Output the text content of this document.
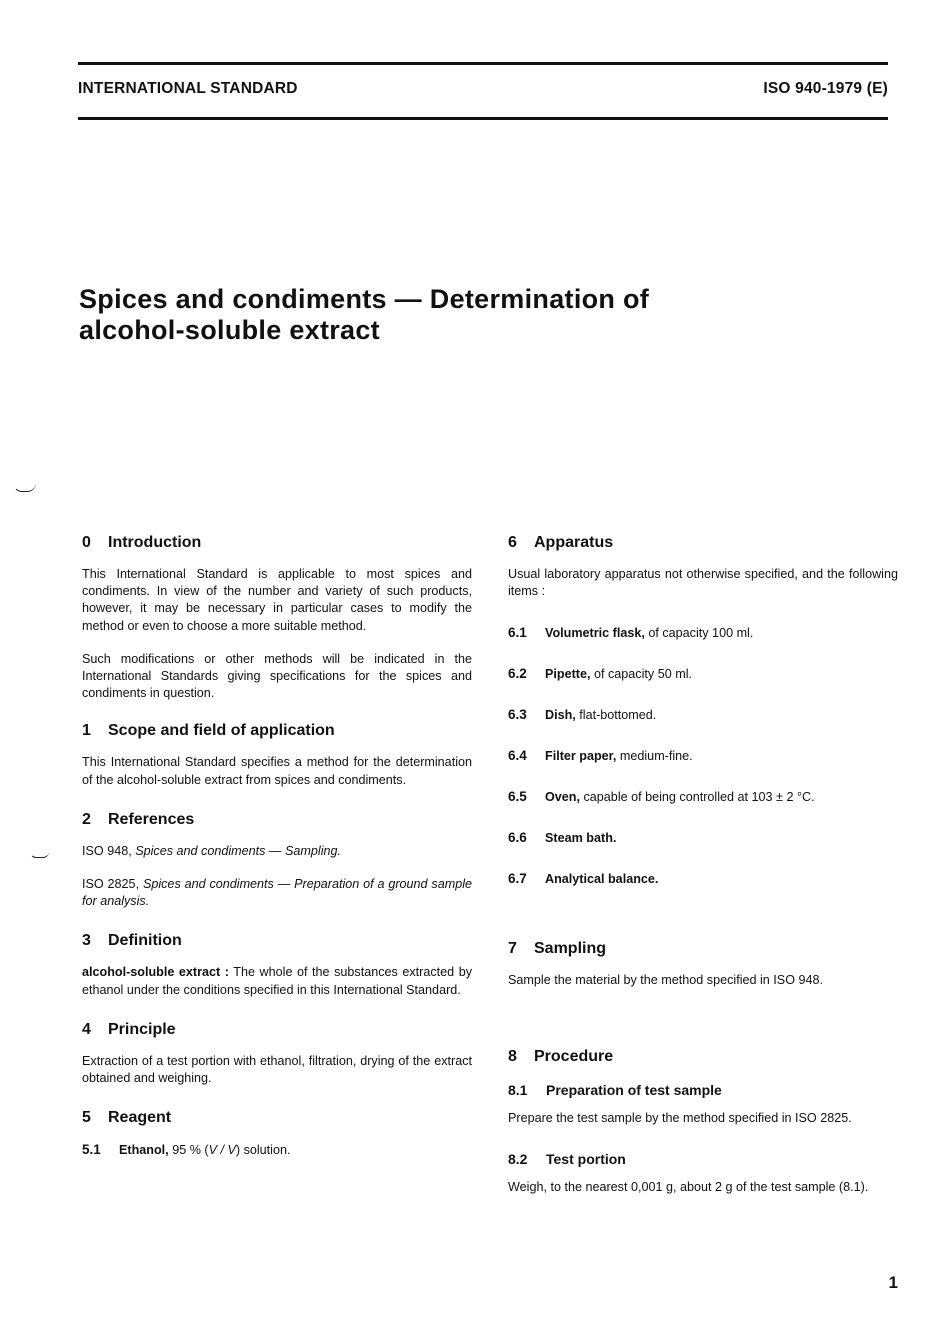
INTERNATIONAL STANDARD	ISO 940-1979 (E)
Spices and condiments — Determination of
alcohol-soluble extract
0 Introduction

This International Standard is applicable to most spices and condiments. In view of the number and variety of such products, however, it may be necessary in particular cases to modify the method or even to choose a more suitable method.

Such modifications or other methods will be indicated in the International Standards giving specifications for the spices and condiments in question.

1 Scope and field of application

This International Standard specifies a method for the determination of the alcohol-soluble extract from spices and condiments.

2 References

ISO 948, Spices and condiments — Sampling.

ISO 2825, Spices and condiments — Preparation of a ground sample for analysis.

3 Definition

alcohol-soluble extract : The whole of the substances extracted by ethanol under the conditions specified in this International Standard.

4 Principle

Extraction of a test portion with ethanol, filtration, drying of the extract obtained and weighing.

5 Reagent
5.1 Ethanol, 95 % (V / V) solution.
6 Apparatus

Usual laboratory apparatus not otherwise specified, and the following items :

6.1 Volumetric flask, of capacity 100 ml.
6.2 Pipette, of capacity 50 ml.
6.3 Dish, flat-bottomed.
6.4 Filter paper, medium-fine.
6.5 Oven, capable of being controlled at 103 ± 2 °C.
6.6 Steam bath.
6.7 Analytical balance.
7 Sampling

Sample the material by the method specified in ISO 948.

8 Procedure
8.1 Preparation of test sample

Prepare the test sample by the method specified in ISO 2825.

8.2 Test portion

Weigh, to the nearest 0,001 g, about 2 g of the test sample (8.1).

1
